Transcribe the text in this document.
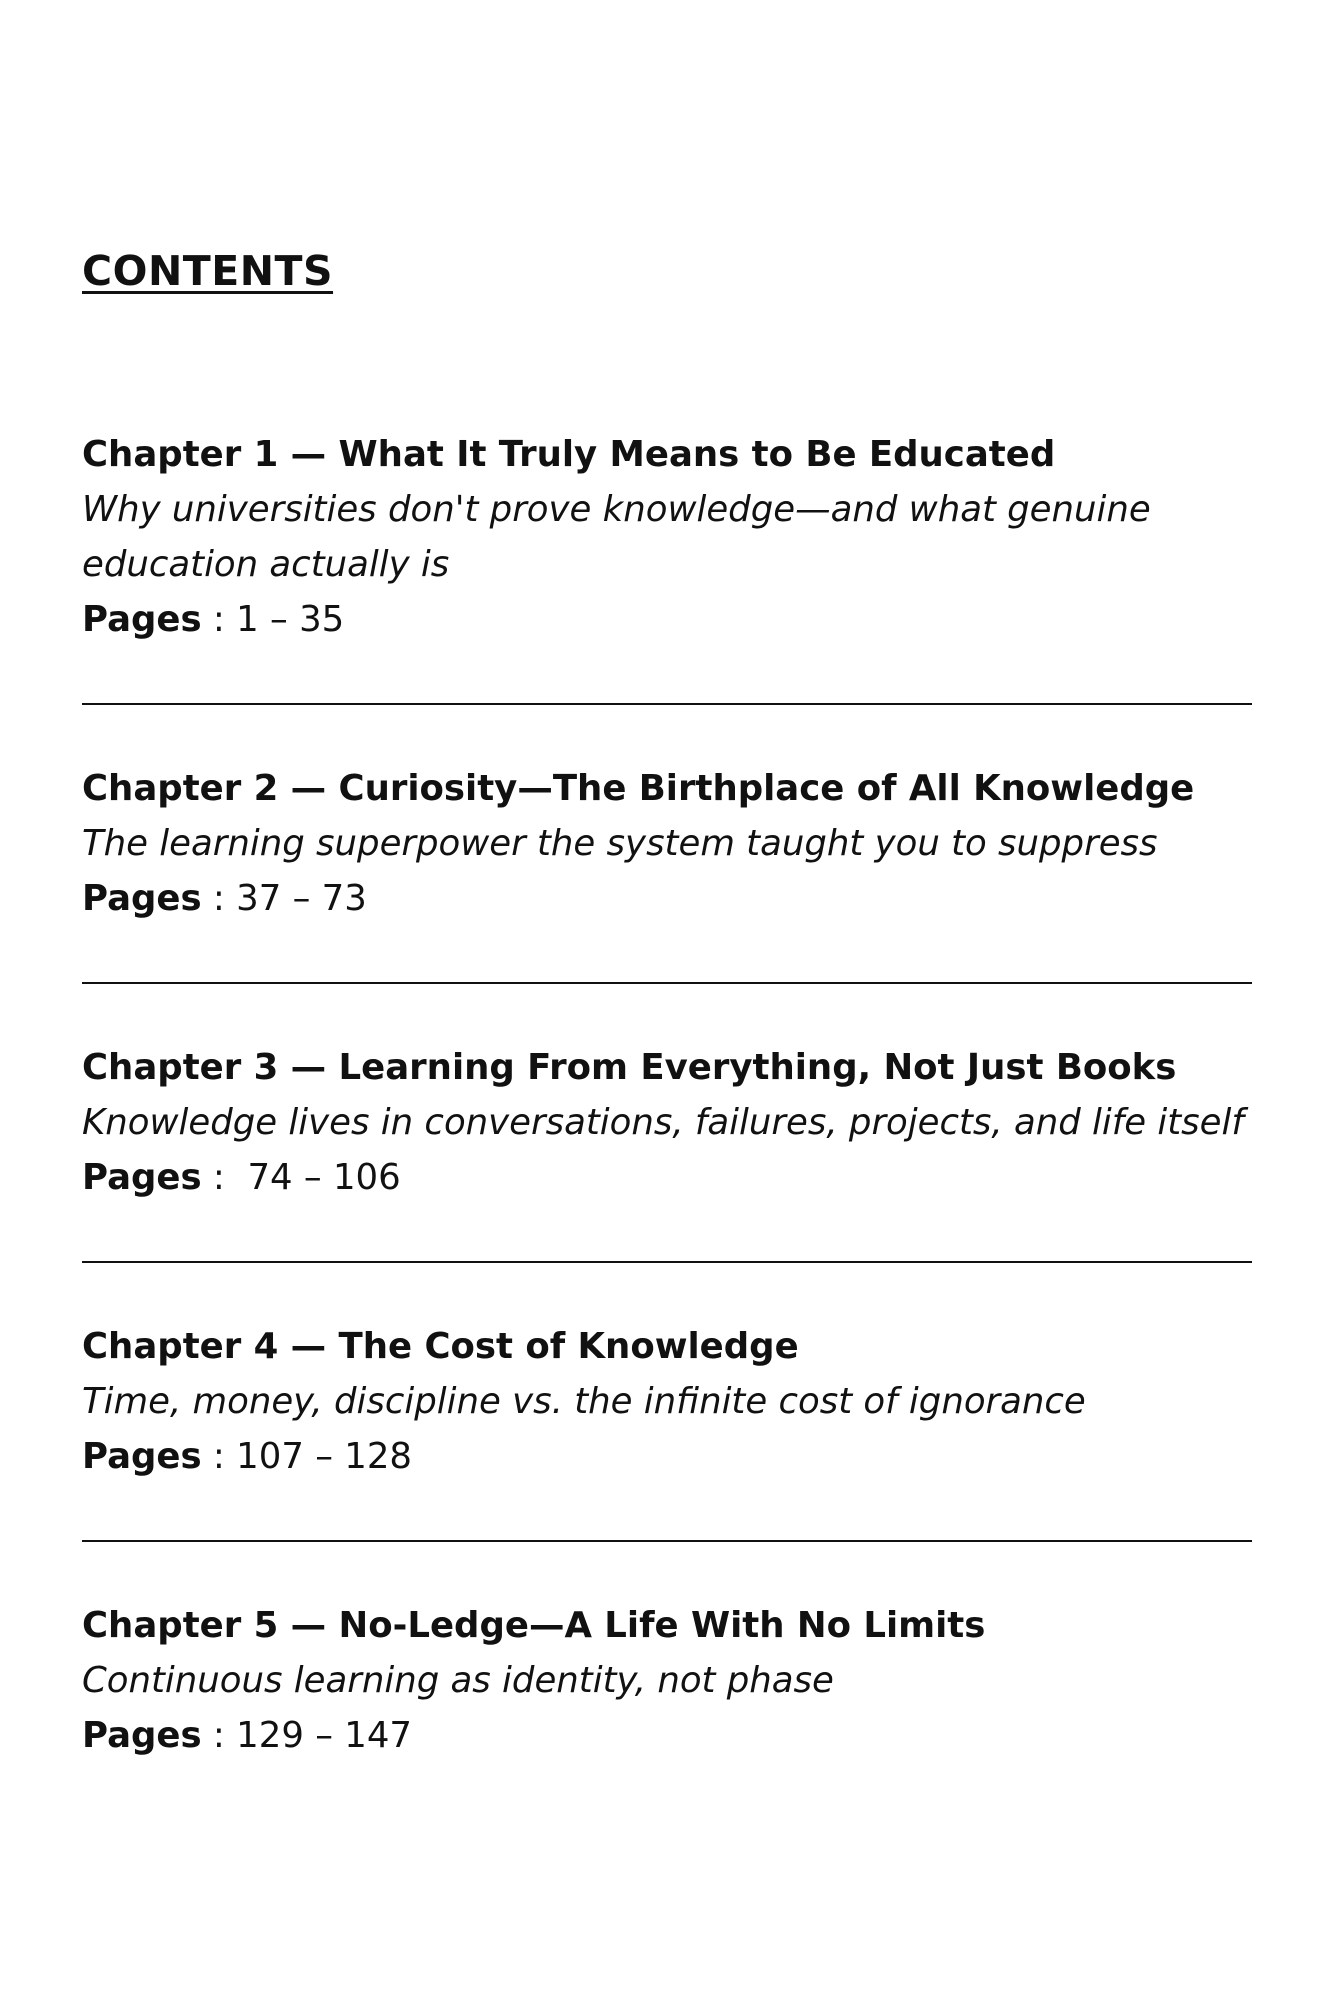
CONTENTS

Chapter 1 — What It Truly Means to Be Educated

Why universities don't prove knowledge—and what genuine education actually is

Pages : 1 – 35

Chapter 2 — Curiosity—The Birthplace of All Knowledge

The learning superpower the system taught you to suppress

Pages : 37 – 73

Chapter 3 — Learning From Everything, Not Just Books

Knowledge lives in conversations, failures, projects, and life itself

Pages :  74 – 106

Chapter 4 — The Cost of Knowledge

Time, money, discipline vs. the infinite cost of ignorance

Pages : 107 – 128

Chapter 5 — No-Ledge—A Life With No Limits

Continuous learning as identity, not phase

Pages : 129 – 147
